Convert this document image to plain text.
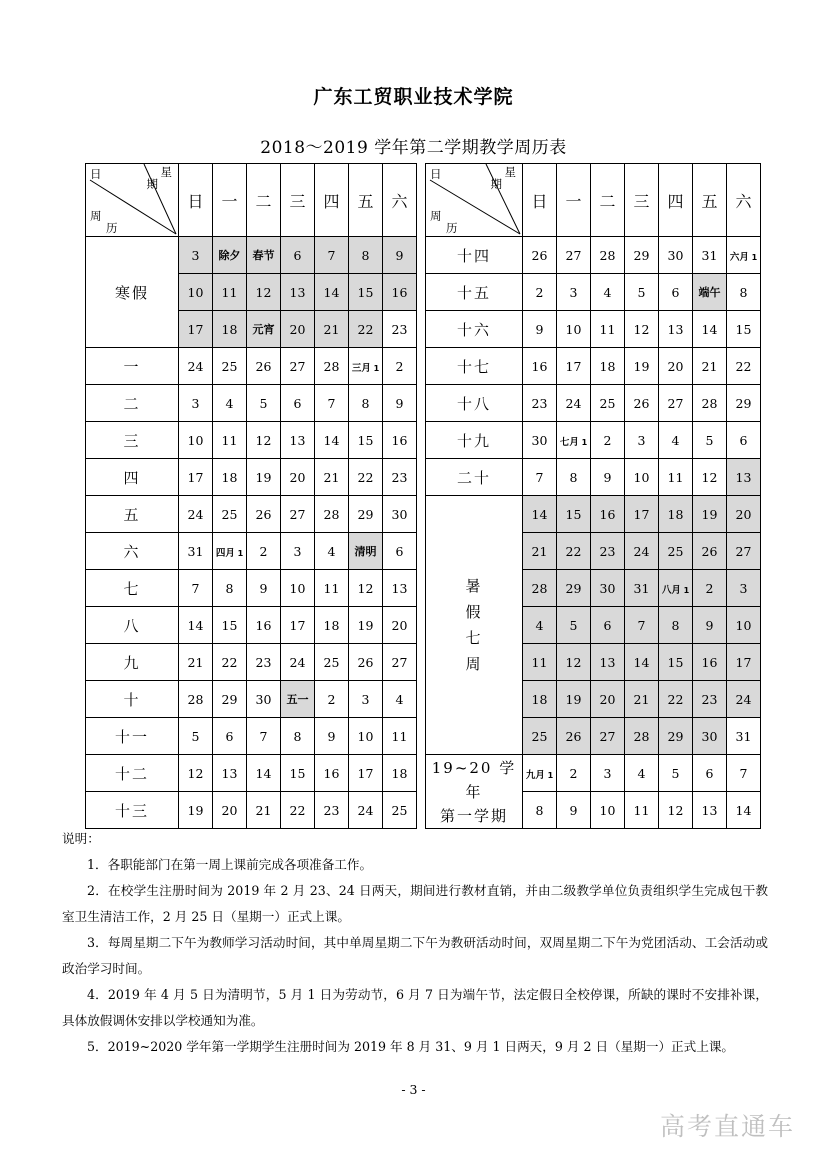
广东工贸职业技术学院
2018～2019 学年第二学期教学周历表
日 星
期
周
历	日	一	二	三	四	五	六
寒假	3	除夕	春节	6	7	8	9
	10	11	12	13	14	15	16
	17	18	元宵	20	21	22	23
一	24	25	26	27	28	三月 1	2
二	3	4	5	6	7	8	9
三	10	11	12	13	14	15	16
四	17	18	19	20	21	22	23
五	24	25	26	27	28	29	30
六	31	四月 1	2	3	4	清明	6
七	7	8	9	10	11	12	13
八	14	15	16	17	18	19	20
九	21	22	23	24	25	26	27
十	28	29	30	五一	2	3	4
十一	5	6	7	8	9	10	11
十二	12	13	14	15	16	17	18
十三	19	20	21	22	23	24	25
日 星
期
周
历	日	一	二	三	四	五	六
十四	26	27	28	29	30	31	六月 1
十五	2	3	4	5	6	端午	8
十六	9	10	11	12	13	14	15
十七	16	17	18	19	20	21	22
十八	23	24	25	26	27	28	29
十九	30	七月 1	2	3	4	5	6
二十	7	8	9	10	11	12	13

暑
假
七
周	14	15	16	17	18	19	20
	21	22	23	24	25	26	27
	28	29	30	31	八月 1	2	3
	4	5	6	7	8	9	10
	11	12	13	14	15	16	17
	18	19	20	21	22	23	24
	25	26	27	28	29	30	31

19~20 学年
第一学期	九月 1	2	3	4	5	6	7
	8	9	10	11	12	13	14

说明：

1．各职能部门在第一周上课前完成各项准备工作。

2．在校学生注册时间为 2019 年 2 月 23、24 日两天，期间进行教材直销，并由二级教学单位负责组织学生完成包干教室卫生清洁工作，2 月 25 日（星期一）正式上课。

3．每周星期二下午为教师学习活动时间，其中单周星期二下午为教研活动时间，双周星期二下午为党团活动、工会活动或政治学习时间。

4．2019 年 4 月 5 日为清明节，5 月 1 日为劳动节，6 月 7 日为端午节，法定假日全校停课，所缺的课时不安排补课，具体放假调休安排以学校通知为准。

5．2019~2020 学年第一学期学生注册时间为 2019 年 8 月 31、9 月 1 日两天，9 月 2 日（星期一）正式上课。

- 3 -
高考直通车
